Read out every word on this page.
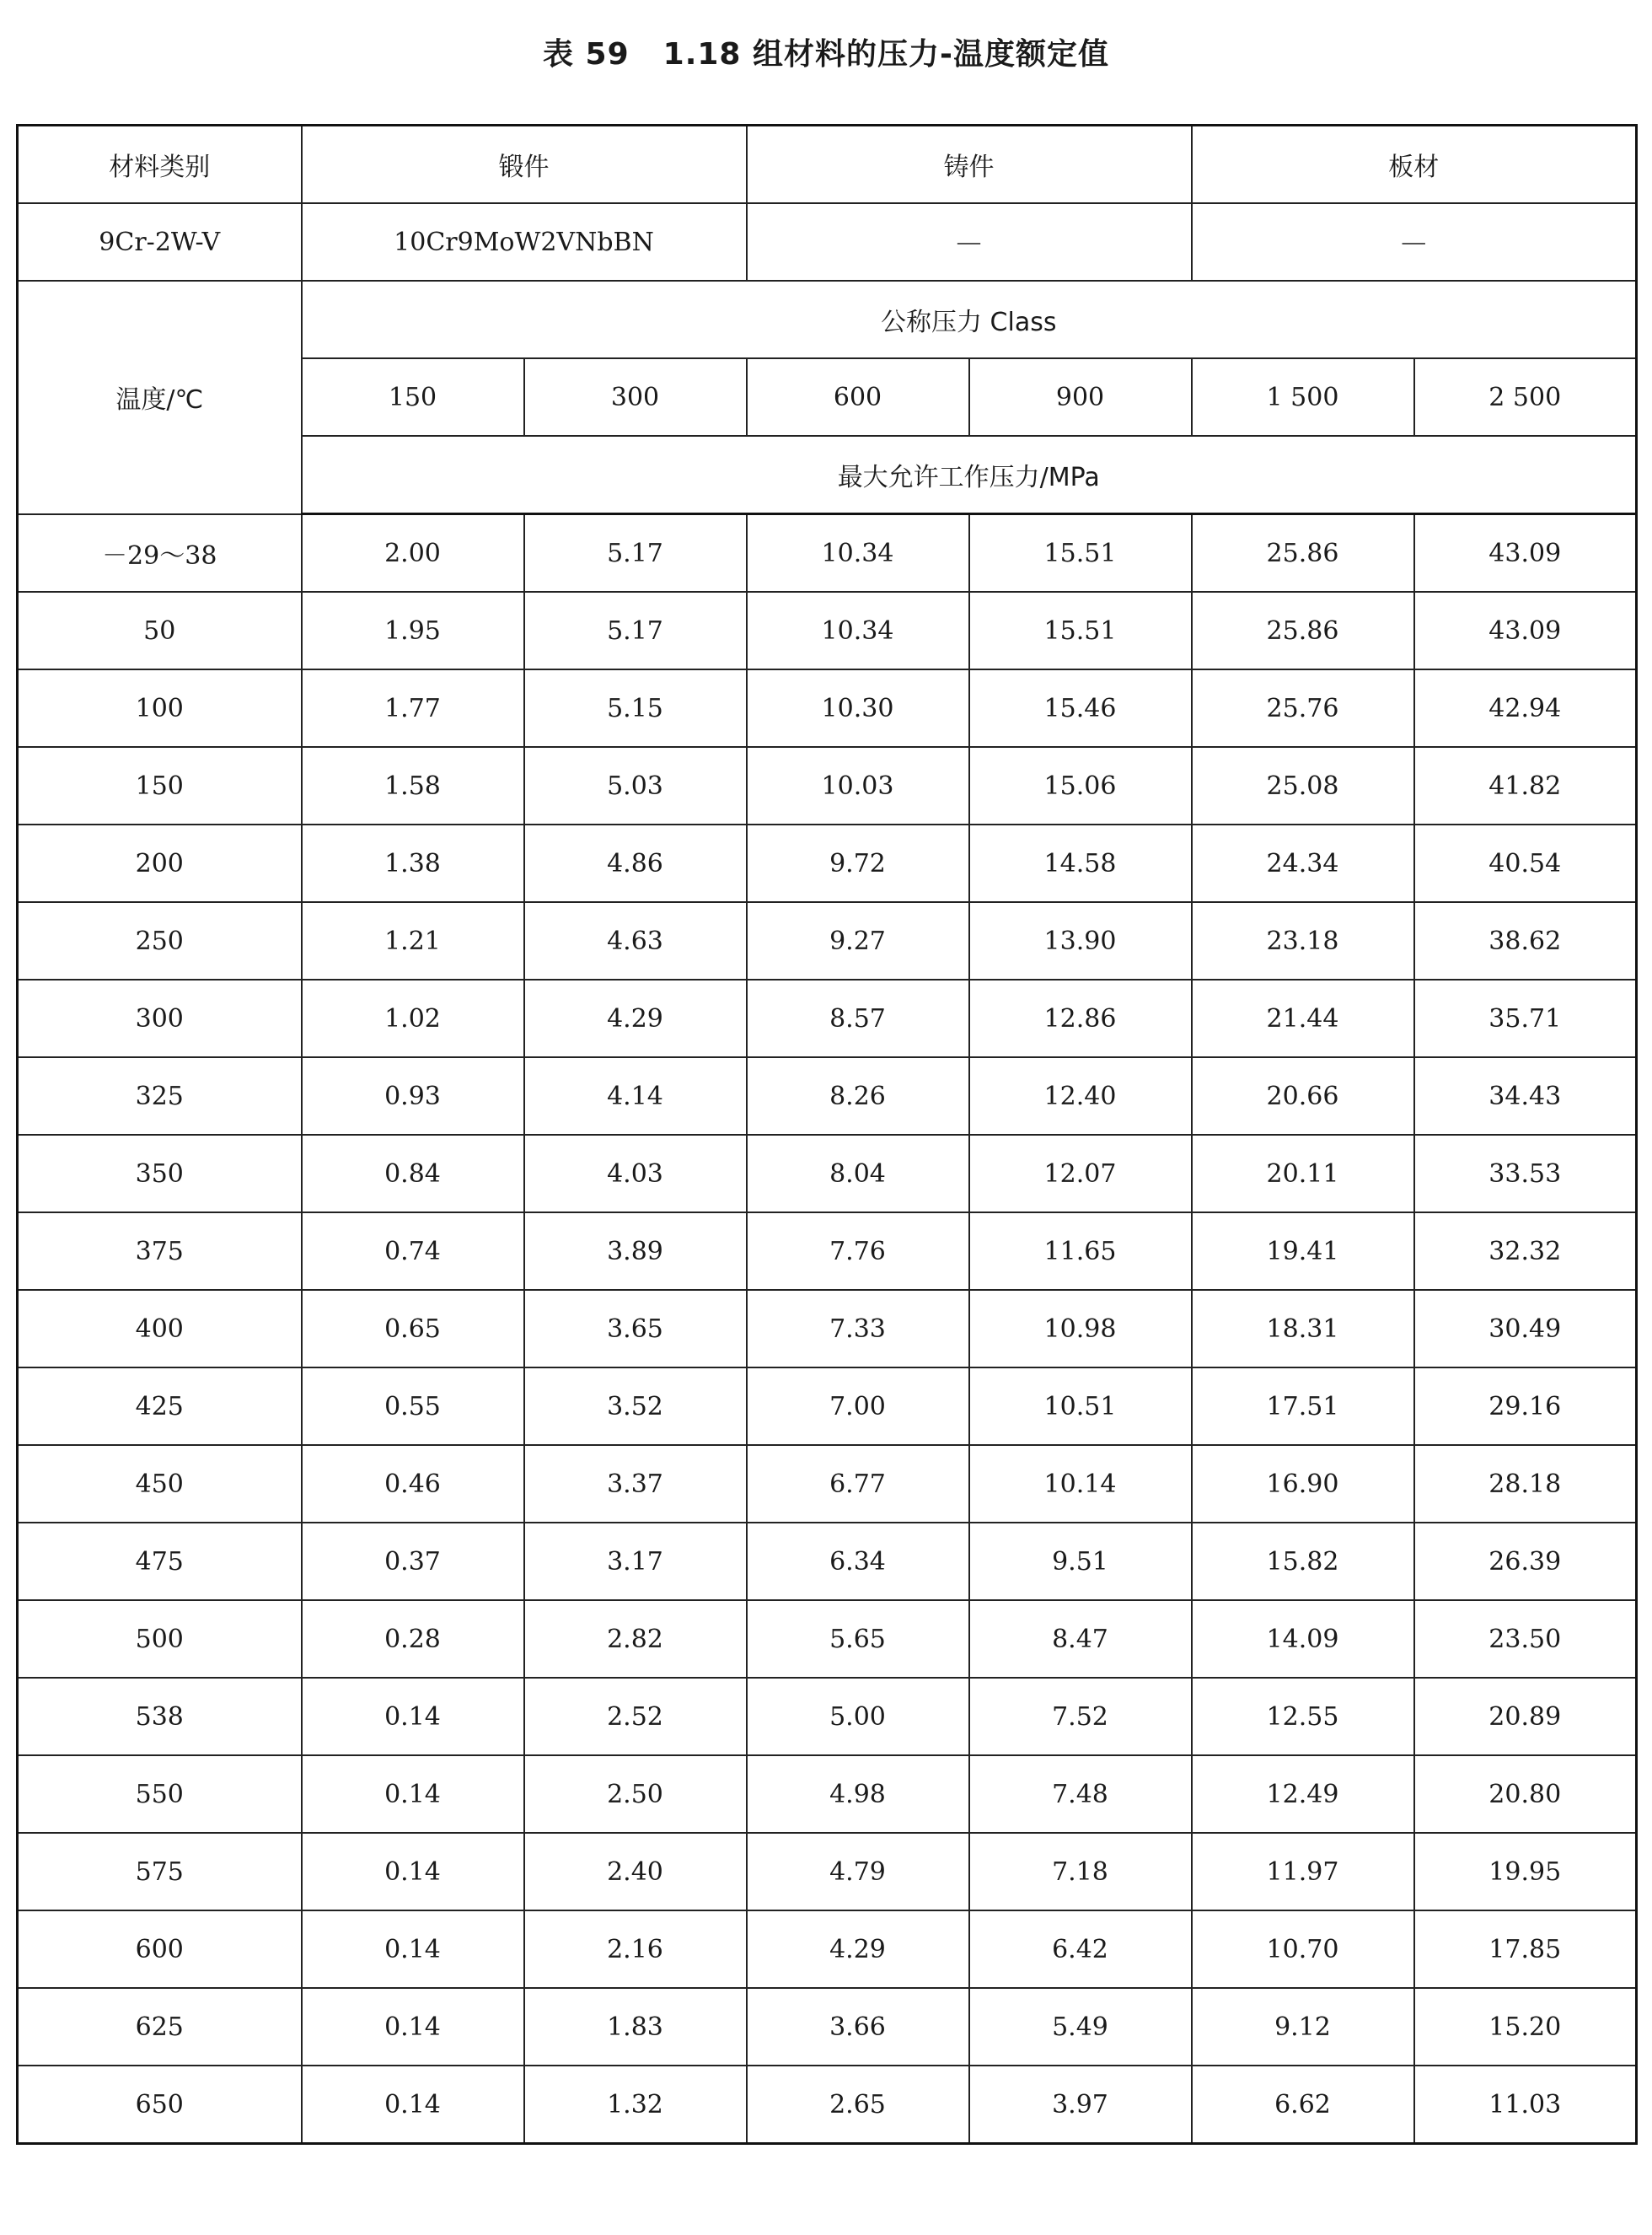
表 59 1.18 组材料的压力-温度额定值
材料类别	锻件		铸件		板材	
9Cr-2W-V	10Cr9MoW2VNbBN		—		—	
温度/℃	公称压力 Class					
	150	300	600	900	1 500	2 500
	最大允许工作压力/MPa					
－29～38	2.00	5.17	10.34	15.51	25.86	43.09
50	1.95	5.17	10.34	15.51	25.86	43.09
100	1.77	5.15	10.30	15.46	25.76	42.94
150	1.58	5.03	10.03	15.06	25.08	41.82
200	1.38	4.86	9.72	14.58	24.34	40.54
250	1.21	4.63	9.27	13.90	23.18	38.62
300	1.02	4.29	8.57	12.86	21.44	35.71
325	0.93	4.14	8.26	12.40	20.66	34.43
350	0.84	4.03	8.04	12.07	20.11	33.53
375	0.74	3.89	7.76	11.65	19.41	32.32
400	0.65	3.65	7.33	10.98	18.31	30.49
425	0.55	3.52	7.00	10.51	17.51	29.16
450	0.46	3.37	6.77	10.14	16.90	28.18
475	0.37	3.17	6.34	9.51	15.82	26.39
500	0.28	2.82	5.65	8.47	14.09	23.50
538	0.14	2.52	5.00	7.52	12.55	20.89
550	0.14	2.50	4.98	7.48	12.49	20.80
575	0.14	2.40	4.79	7.18	11.97	19.95
600	0.14	2.16	4.29	6.42	10.70	17.85
625	0.14	1.83	3.66	5.49	9.12	15.20
650	0.14	1.32	2.65	3.97	6.62	11.03
